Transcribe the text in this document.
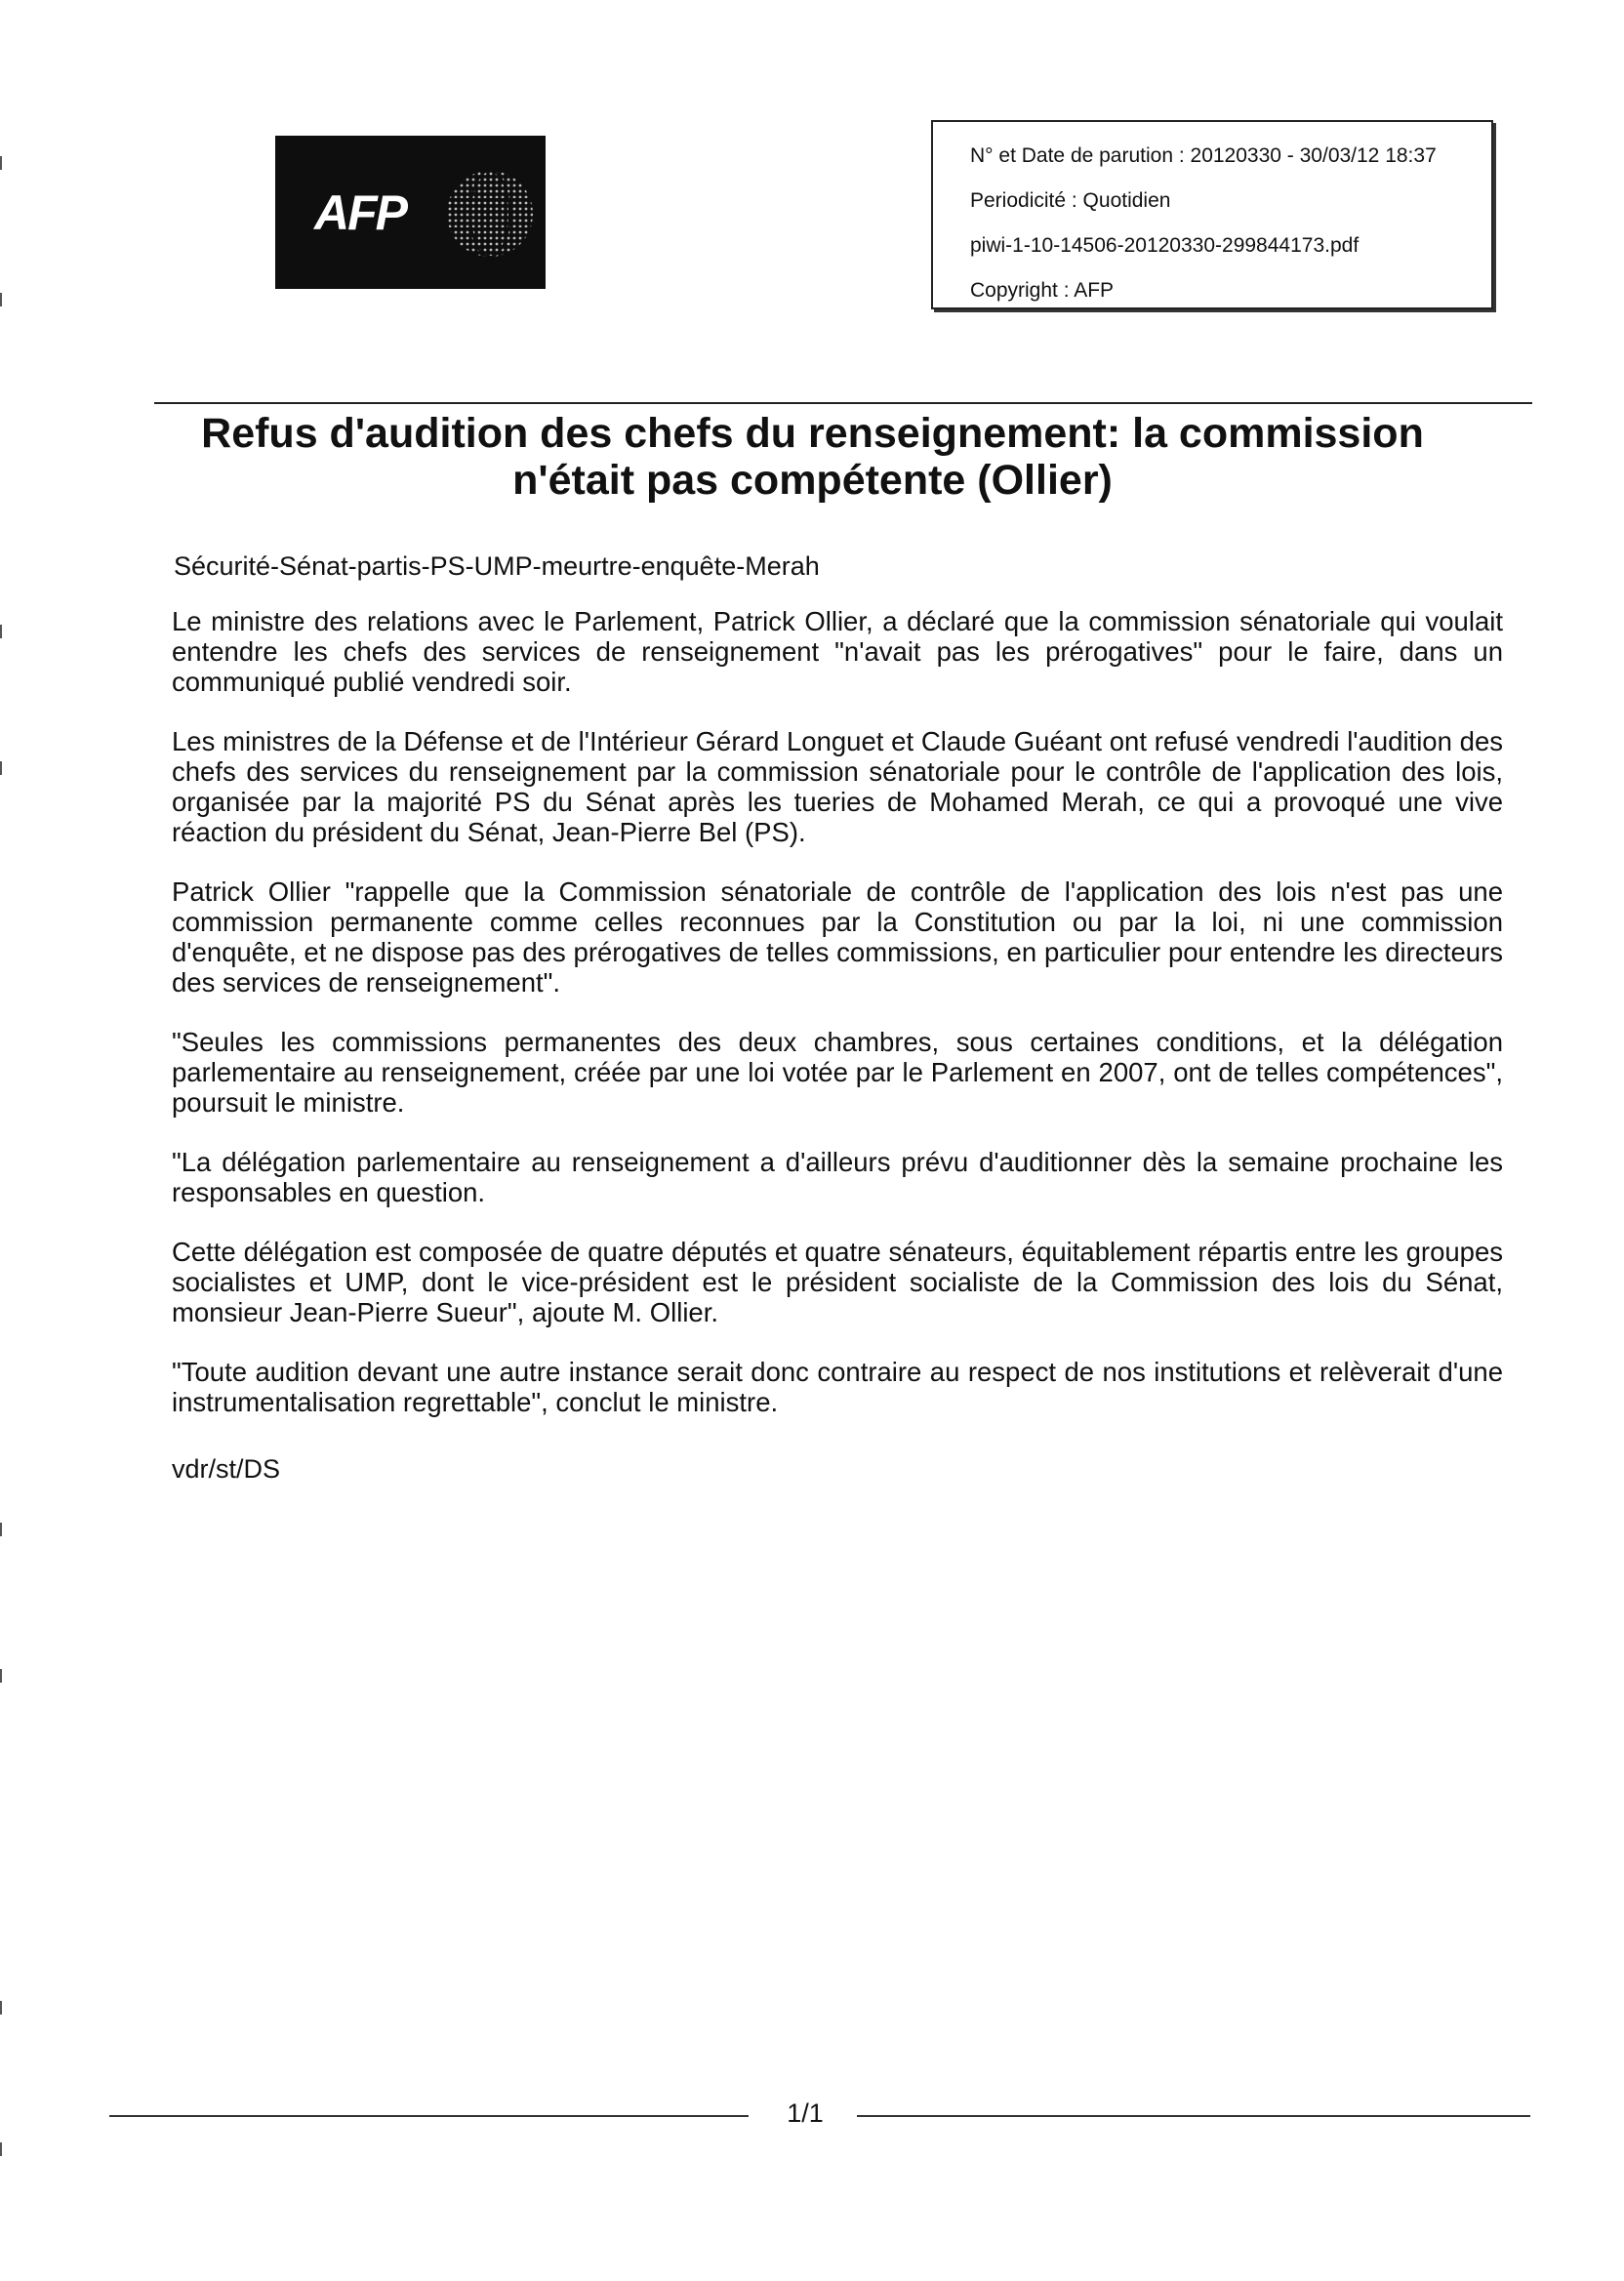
AFP
N° et Date de parution : 20120330 - 30/03/12 18:37
Periodicité : Quotidien
piwi-1-10-14506-20120330-299844173.pdf
Copyright : AFP
Refus d'audition des chefs du renseignement: la commission
n'était pas compétente (Ollier)
Sécurité-Sénat-partis-PS-UMP-meurtre-enquête-Merah

Le ministre des relations avec le Parlement, Patrick Ollier, a déclaré que la commission sénatoriale qui voulait entendre les chefs des services de renseignement "n'avait pas les prérogatives" pour le faire, dans un communiqué publié vendredi soir.

Les ministres de la Défense et de l'Intérieur Gérard Longuet et Claude Guéant ont refusé vendredi l'audition des chefs des services du renseignement par la commission sénatoriale pour le contrôle de l'application des lois, organisée par la majorité PS du Sénat après les tueries de Mohamed Merah, ce qui a provoqué une vive réaction du président du Sénat, Jean-Pierre Bel (PS).

Patrick Ollier "rappelle que la Commission sénatoriale de contrôle de l'application des lois n'est pas une commission permanente comme celles reconnues par la Constitution ou par la loi, ni une commission d'enquête, et ne dispose pas des prérogatives de telles commissions, en particulier pour entendre les directeurs des services de renseignement".

"Seules les commissions permanentes des deux chambres, sous certaines conditions, et la délégation parlementaire au renseignement, créée par une loi votée par le Parlement en 2007, ont de telles compétences", poursuit le ministre.

"La délégation parlementaire au renseignement a d'ailleurs prévu d'auditionner dès la semaine prochaine les responsables en question.

Cette délégation est composée de quatre députés et quatre sénateurs, équitablement répartis entre les groupes socialistes et UMP, dont le vice-président est le président socialiste de la Commission des lois du Sénat, monsieur Jean-Pierre Sueur", ajoute M. Ollier.

"Toute audition devant une autre instance serait donc contraire au respect de nos institutions et relèverait d'une instrumentalisation regrettable", conclut le ministre.

vdr/st/DS
1/1
